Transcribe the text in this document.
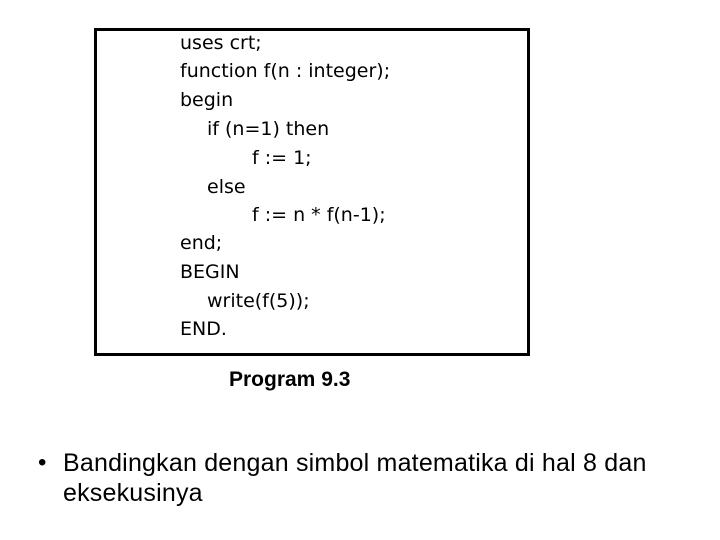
uses crt;
function f(n : integer);
begin
if (n=1) then
f := 1;
else
f := n * f(n-1);
end;
BEGIN
write(f(5));
END.
Program 9.3
• Bandingkan dengan simbol matematika di hal 8 dan eksekusinya
